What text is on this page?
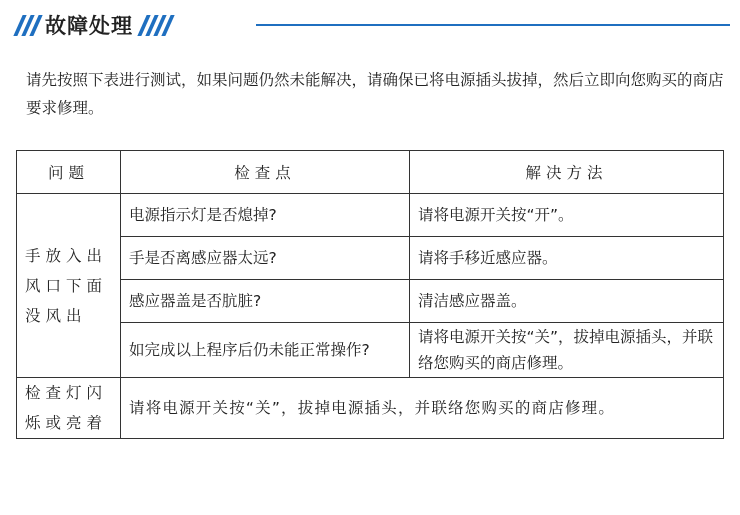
故障处理
请先按照下表进行测试，如果问题仍然未能解决，请确保已将电源插头拔掉，然后立即向您购买的商店要求修理。
问题	检查点	解决方法

手放入出
风口下面
没风出	电源指示灯是否熄掉?	请将电源开关按“开”。
	手是否离感应器太远?	请将手移近感应器。
	感应器盖是否肮脏?	清洁感应器盖。
	如完成以上程序后仍未能正常操作?	请将电源开关按“关”，拔掉电源插头，并联络您购买的商店修理。

检查灯闪
烁或亮着	请将电源开关按“关”，拔掉电源插头，并联络您购买的商店修理。	
